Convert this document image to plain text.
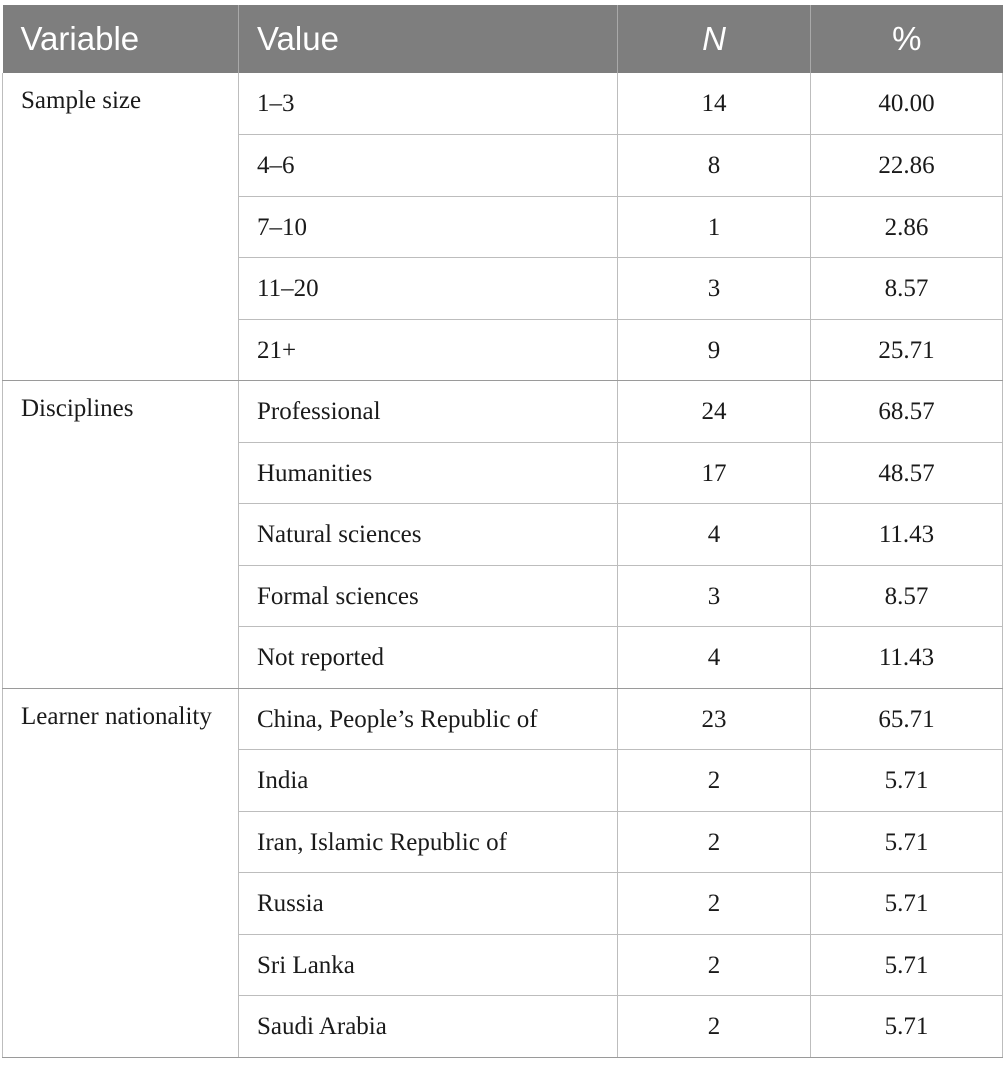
Variable	Value	N	%
Sample size	1–3	14	40.00
	4–6	8	22.86
	7–10	1	2.86
	11–20	3	8.57
	21+	9	25.71
Disciplines	Professional	24	68.57
	Humanities	17	48.57
	Natural sciences	4	11.43
	Formal sciences	3	8.57
	Not reported	4	11.43
Learner nationality	China, People’s Republic of	23	65.71
	India	2	5.71
	Iran, Islamic Republic of	2	5.71
	Russia	2	5.71
	Sri Lanka	2	5.71
	Saudi Arabia	2	5.71
